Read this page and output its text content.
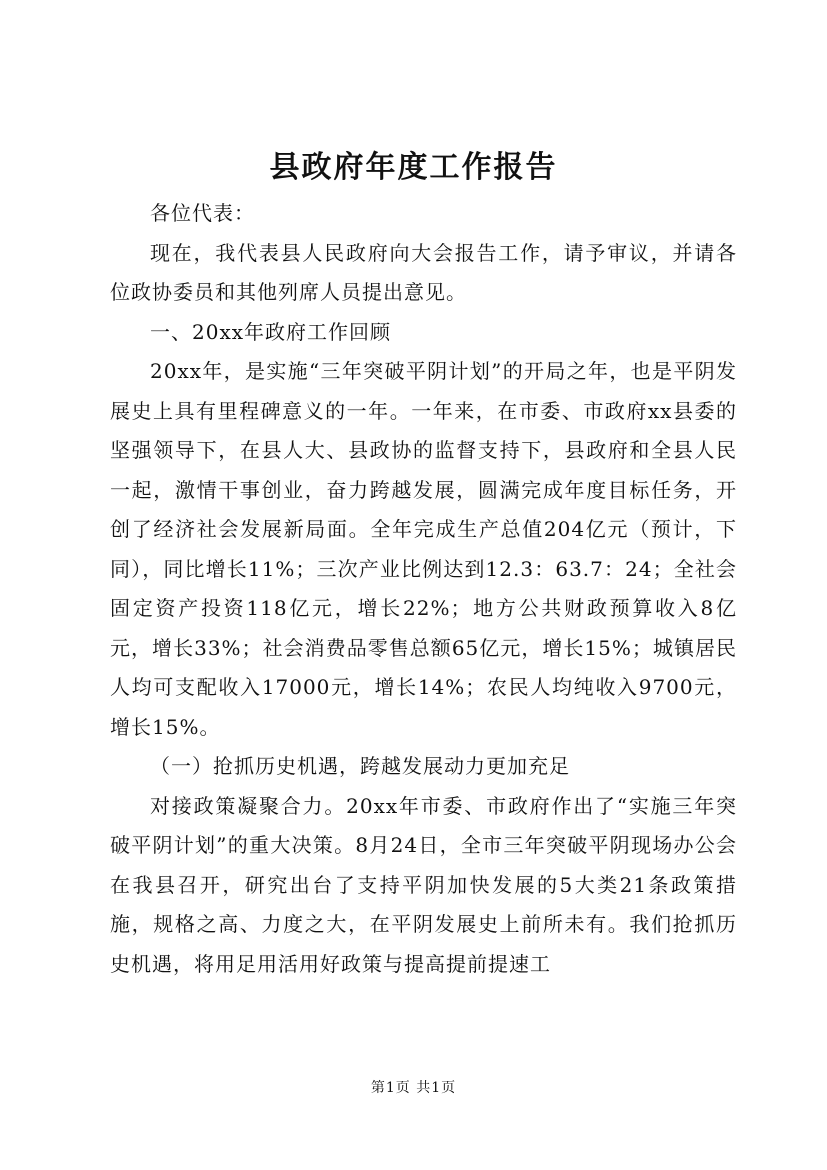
县政府年度工作报告

各位代表：

现在，我代表县人民政府向大会报告工作，请予审议，并请各位政协委员和其他列席人员提出意见。

一、20xx年政府工作回顾

20xx年，是实施“三年突破平阴计划”的开局之年，也是平阴发展史上具有里程碑意义的一年。一年来，在市委、市政府xx县委的坚强领导下，在县人大、县政协的监督支持下，县政府和全县人民一起，激情干事创业，奋力跨越发展，圆满完成年度目标任务，开创了经济社会发展新局面。全年完成生产总值204亿元（预计，下同），同比增长11%；三次产业比例达到12.3：63.7：24；全社会固定资产投资118亿元，增长22%；地方公共财政预算收入8亿元，增长33%；社会消费品零售总额65亿元，增长15%；城镇居民人均可支配收入17000元，增长14%；农民人均纯收入9700元，增长15%。

（一）抢抓历史机遇，跨越发展动力更加充足

对接政策凝聚合力。20xx年市委、市政府作出了“实施三年突破平阴计划”的重大决策。8月24日，全市三年突破平阴现场办公会在我县召开，研究出台了支持平阴加快发展的5大类21条政策措施，规格之高、力度之大，在平阴发展史上前所未有。我们抢抓历史机遇，将用足用活用好政策与提高提前提速工

第1页 共1页
